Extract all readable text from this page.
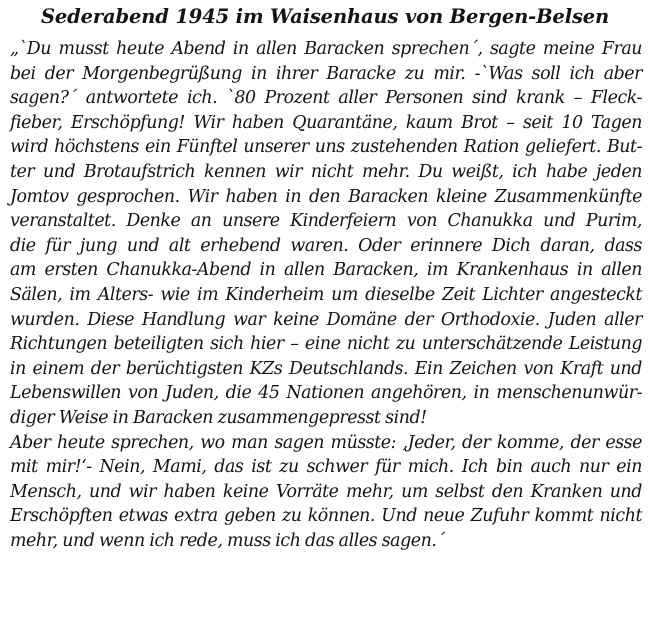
Sederabend 1945 im Waisenhaus von Bergen-Belsen
„`Du musst heute Abend in allen Baracken sprechen´, sagte meine Frau
bei der Morgenbegrüßung in ihrer Baracke zu mir. -`Was soll ich aber
sagen?´ antwortete ich. `80 Prozent aller Personen sind krank – Fleck-
fieber, Erschöpfung! Wir haben Quarantäne, kaum Brot – seit 10 Tagen
wird höchstens ein Fünftel unserer uns zustehenden Ration geliefert. But-
ter und Brotaufstrich kennen wir nicht mehr. Du weißt, ich habe jeden
Jomtov gesprochen. Wir haben in den Baracken kleine Zusammenkünfte
veranstaltet. Denke an unsere Kinderfeiern von Chanukka und Purim,
die für jung und alt erhebend waren. Oder erinnere Dich daran, dass
am ersten Chanukka-Abend in allen Baracken, im Krankenhaus in allen
Sälen, im Alters- wie im Kinderheim um dieselbe Zeit Lichter angesteckt
wurden. Diese Handlung war keine Domäne der Orthodoxie. Juden aller
Richtungen beteiligten sich hier – eine nicht zu unterschätzende Leistung
in einem der berüchtigsten KZs Deutschlands. Ein Zeichen von Kraft und
Lebenswillen von Juden, die 45 Nationen angehören, in menschenunwür-
diger Weise in Baracken zusammengepresst sind!
Aber heute sprechen, wo man sagen müsste: ‚Jeder, der komme, der esse
mit mir!‘- Nein, Mami, das ist zu schwer für mich. Ich bin auch nur ein
Mensch, und wir haben keine Vorräte mehr, um selbst den Kranken und
Erschöpften etwas extra geben zu können. Und neue Zufuhr kommt nicht
mehr, und wenn ich rede, muss ich das alles sagen.´
